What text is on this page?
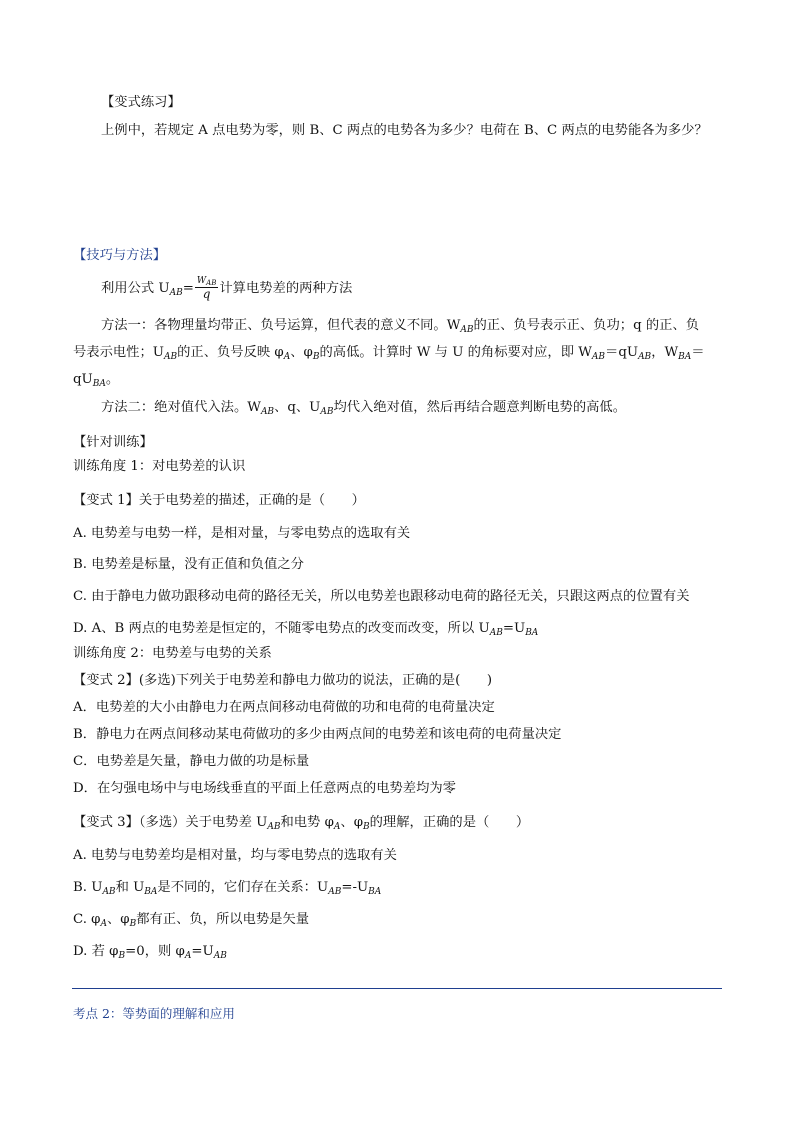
【变式练习】
上例中，若规定 A 点电势为零，则 B、C 两点的电势各为多少？电荷在 B、C 两点的电势能各为多少？
【技巧与方法】
利用公式 $U_{AB}= \frac{W_{AB}}{q}$ 计算电势差的两种方法
方法一：各物理量均带正、负号运算，但代表的意义不同。$W_{AB}$的正、负号表示正、负功；q 的正、负
号表示电性；$U_{AB}$的正、负号反映 $\varphi_A$、$\varphi_B$的高低。计算时 W 与 U 的角标要对应，即 $W_{AB}=qU_{AB}$，$W_{BA}=$
$qU_{BA}$。
方法二：绝对值代入法。$W_{AB}$、q、$U_{AB}$均代入绝对值，然后再结合题意判断电势的高低。
【针对训练】
训练角度 1：对电势差的认识
【变式 1】关于电势差的描述，正确的是（　　）
A. 电势差与电势一样，是相对量，与零电势点的选取有关
B. 电势差是标量，没有正值和负值之分
C. 由于静电力做功跟移动电荷的路径无关，所以电势差也跟移动电荷的路径无关，只跟这两点的位置有关
D. A、B 两点的电势差是恒定的，不随零电势点的改变而改变，所以 $U_{AB}=U_{BA}$
训练角度 2：电势差与电势的关系
【变式 2】(多选)下列关于电势差和静电力做功的说法，正确的是(　　)
A．电势差的大小由静电力在两点间移动电荷做的功和电荷的电荷量决定
B．静电力在两点间移动某电荷做功的多少由两点间的电势差和该电荷的电荷量决定
C．电势差是矢量，静电力做的功是标量
D．在匀强电场中与电场线垂直的平面上任意两点的电势差均为零
【变式 3】（多选）关于电势差 $U_{AB}$和电势 $\varphi_A$、$\varphi_B$的理解，正确的是（　　）
A. 电势与电势差均是相对量，均与零电势点的选取有关
B. $U_{AB}$和 $U_{BA}$是不同的，它们存在关系：$U_{AB}=-U_{BA}$
C. $\varphi_A$、$\varphi_B$都有正、负，所以电势是矢量
D. 若 $\varphi_B=0$，则 $\varphi_A=U_{AB}$
考点 2：等势面的理解和应用
